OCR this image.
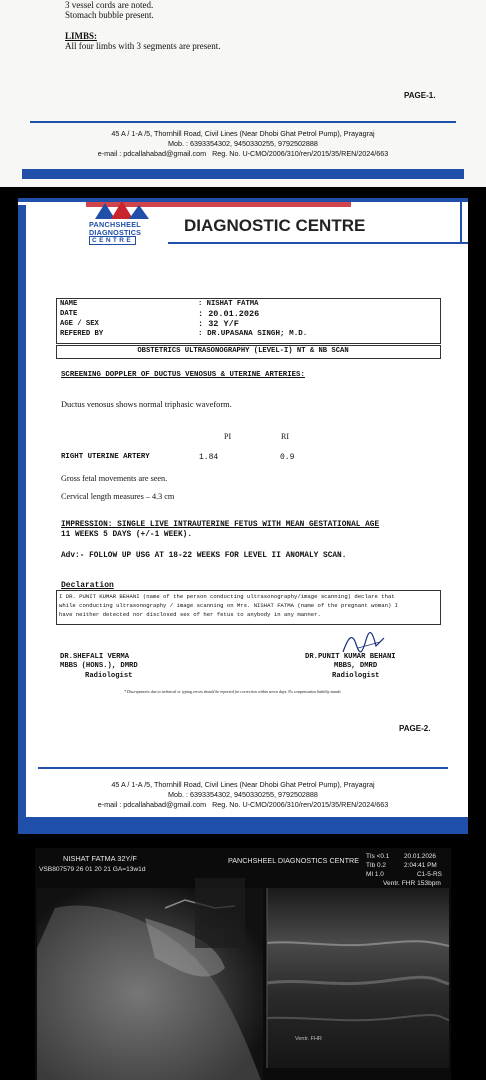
3 vessel cords are noted.
Stomach bubble present.
LIMBS:
All four limbs with 3 segments are present.
PAGE-1.
45 A / 1-A /5, Thornhill Road, Civil Lines (Near Dhobi Ghat Petrol Pump), Prayagraj
Mob. : 6393354302, 9450330255, 9792502888
e-mail : pdcallahabad@gmail.com Reg. No. U-CMO/2006/310/ren/2015/35/REN/2024/663
PANCHSHEEL
DIAGNOSTICS
CENTRE
DIAGNOSTIC CENTRE
NAME	: NISHAT FATMA
DATE	: 20.01.2026
AGE / SEX	: 32 Y/F
REFERED BY	: DR.UPASANA SINGH; M.D.
OBSTETRICS ULTRASONOGRAPHY (LEVEL-I) NT & NB SCAN
SCREENING DOPPLER OF DUCTUS VENOSUS & UTERINE ARTERIES:
Ductus venosus shows normal triphasic waveform.
PI	RI
RIGHT UTERINE ARTERY	1.84	0.9
Gross fetal movements are seen.
Cervical length measures – 4.3 cm
IMPRESSION: SINGLE LIVE INTRAUTERINE FETUS WITH MEAN GESTATIONAL AGE
11 WEEKS 5 DAYS (+/-1 WEEK).
Adv:- FOLLOW UP USG AT 18-22 WEEKS FOR LEVEL II ANOMALY SCAN.
Declaration
I DR. PUNIT KUMAR BEHANI (name of the person conducting ultrasonography/image scanning) declare that
while conducting ultrasonography / image scanning on Mrs. NISHAT FATMA (name of the pregnant woman) I
have neither detected nor disclosed sex of her fetus to anybody in any manner.
DR.SHEFALI VERMA
MBBS (HONS.), DMRD
Radiologist
DR.PUNIT KUMAR BEHANI
MBBS, DMRD
Radiologist
* Discrepancies due to technical or typing errors should be reported for correction within seven days. No compensation liability stands
PAGE-2.
45 A / 1-A /5, Thornhill Road, Civil Lines (Near Dhobi Ghat Petrol Pump), Prayagraj
Mob. : 6393354302, 9450330255, 9792502888
e-mail : pdcallahabad@gmail.com Reg. No. U-CMO/2006/310/ren/2015/35/REN/2024/663
NISHAT FATMA 32Y/F
VSB807579 26 01 20 21 GA=13w1d
PANCHSHEEL DIAGNOSTICS CENTRE TIs <0.1
TIb 0.2
MI 1.0
20.01.2026
2:04:41 PM
C1-5-RS
Ventr. FHR 153bpm
Ventr. FHR
